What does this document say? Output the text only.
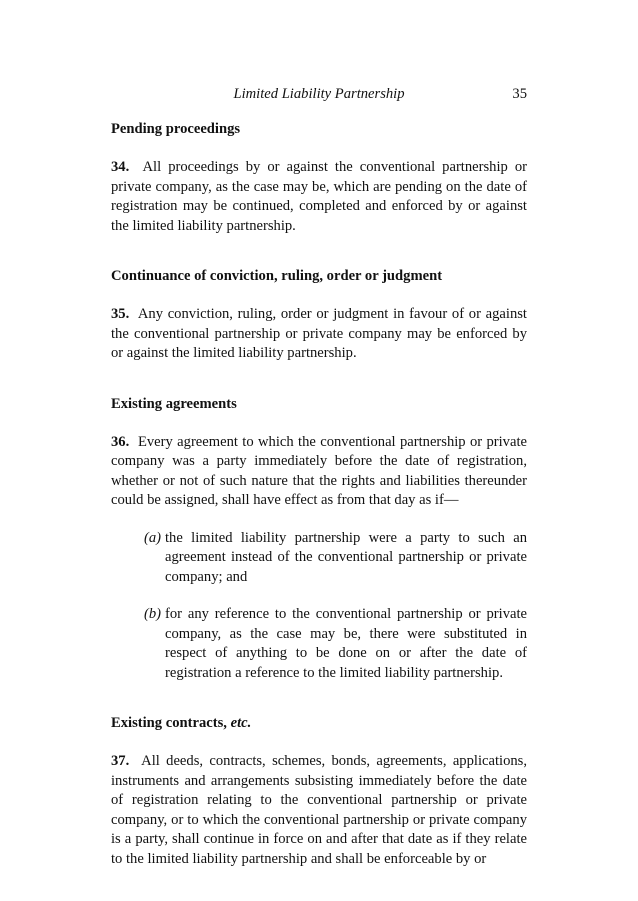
Limited Liability Partnership	35

Pending proceedings

34. All proceedings by or against the conventional partnership or private company, as the case may be, which are pending on the date of registration may be continued, completed and enforced by or against the limited liability partnership.

Continuance of conviction, ruling, order or judgment

35. Any conviction, ruling, order or judgment in favour of or against the conventional partnership or private company may be enforced by or against the limited liability partnership.

Existing agreements

36. Every agreement to which the conventional partnership or private company was a party immediately before the date of registration, whether or not of such nature that the rights and liabilities thereunder could be assigned, shall have effect as from that day as if—

(a) the limited liability partnership were a party to such an agreement instead of the conventional partnership or private company; and
(b) for any reference to the conventional partnership or private company, as the case may be, there were substituted in respect of anything to be done on or after the date of registration a reference to the limited liability partnership.

Existing contracts, etc.

37. All deeds, contracts, schemes, bonds, agreements, applications, instruments and arrangements subsisting immediately before the date of registration relating to the conventional partnership or private company, or to which the conventional partnership or private company is a party, shall continue in force on and after that date as if they relate to the limited liability partnership and shall be enforceable by or
